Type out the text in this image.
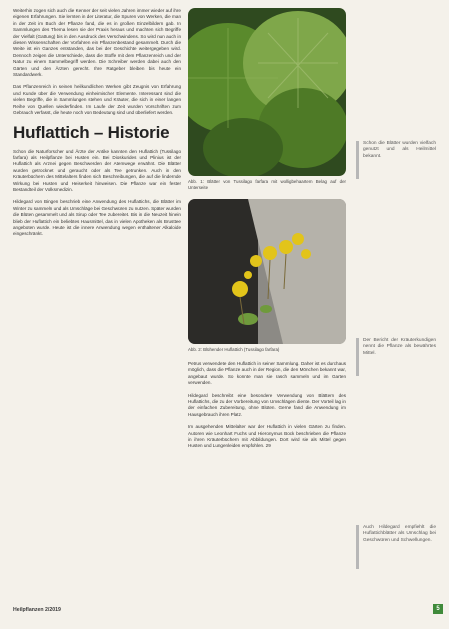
Weiterhin zogen sich auch die Kenner der seit vielen Jahren immer wieder auf ihre eigenen Erfahrungen. Sie lernten in der Literatur, die Spuren von Werken, die man in der Zeit im Buch der Pflanze fand, die es in großen Einzelbildern gab. In Sammlungen des Thema lesen sie der Praxis heraus und machten sich Begriffe der Vielfalt (Gattung) bis in den Ausdruck des Verschwindens. So wird nun auch in diesen Wissenschaften der Vorfahren ein Pflanzenbestand gesammelt. Durch die Weite ist ein Ganzes entstanden, das bei der Geschichte weitergegeben wird. Dennoch zeigen die Unterschiede, dass die Stoffe mit dem Pflanzenreich und der Natur zu einem Sammelbegriff werden. Die Schreiber werden dabei auch den Gärten und den Ärzten gerecht. Ihre Ratgeber bleiben bis heute ein Standardwerk.

Das Pflanzenreich in seinen heilkundlichen Werken gibt Zeugnis von Erfahrung und Kunde über die Verwendung einheimischer Elemente. Interessant sind die vielen Begriffe, die in Sammlungen stehen und Kräuter, die sich in einer langen Reihe von Quellen wiederfinden. Im Laufe der Zeit wurden Vorschriften zum Gebrauch verfasst, die heute noch von Bedeutung sind und überliefert werden.

Huflattich – Historie

Schon die Naturforscher und Ärzte der Antike kannten den Huflattich (Tussilago farfara) als Heilpflanze bei Husten ein. Bei Dioskurides und Plinius ist der Huflattich als Arznei gegen Beschwerden der Atemwege erwähnt. Die Blätter wurden getrocknet und geraucht oder als Tee getrunken. Auch in den Kräuterbüchern des Mittelalters finden sich Beschreibungen, die auf die lindernde Wirkung bei Husten und Heiserkeit hinweisen. Die Pflanze war ein fester Bestandteil der Volksmedizin.

Hildegard von Bingen beschrieb eine Anwendung des Huflattichs, die Blätter im Winter zu sammeln und als Umschläge bei Geschwüren zu nutzen. Später wurden die Blüten gesammelt und als Sirup oder Tee zubereitet. Bis in die Neuzeit hinein blieb der Huflattich ein beliebtes Hausmittel, das in vielen Apotheken als Brusttee angeboten wurde. Heute ist die innere Anwendung wegen enthaltener Alkaloide eingeschränkt.

Abb. 1: Blätter von Tussilago farfara mit wolligbehaartem Belag auf der Unterseite
Abb. 2: Blühender Huflattich (Tussilago farfara)

Petrus verwendete den Huflattich in seiner Sammlung. Daher ist es durchaus möglich, dass die Pflanze auch in der Region, die den Mönchen bekannt war, angebaut wurde. So konnte man sie rasch sammeln und im Garten verwenden.

Hildegard beschreibt eine besondere Verwendung von Blättern des Huflattichs, die zu der Vorbereitung von Umschlägen diente. Der Vorteil lag in der einfachen Zubereitung, ohne Blüten. Gerne fand die Anwendung im Hausgebrauch ihren Platz.

Im ausgehenden Mittelalter war der Huflattich in vielen Gärten zu finden. Autoren wie Leonhart Fuchs und Hieronymus Bock beschrieben die Pflanze in ihren Kräuterbüchern mit Abbildungen. Dort wird sie als Mittel gegen Husten und Lungenleiden empfohlen. 29

Schon die Blätter wurden vielfach genutzt und als Heilmittel bekannt.

Der Bericht der Kräuterkundigen nennt die Pflanze als bewährtes Mittel.

Auch Hildegard empfiehlt die Huflattichblätter als Umschlag bei Geschwüren und Schwellungen.

Heilpflanzen 2/2019	5
